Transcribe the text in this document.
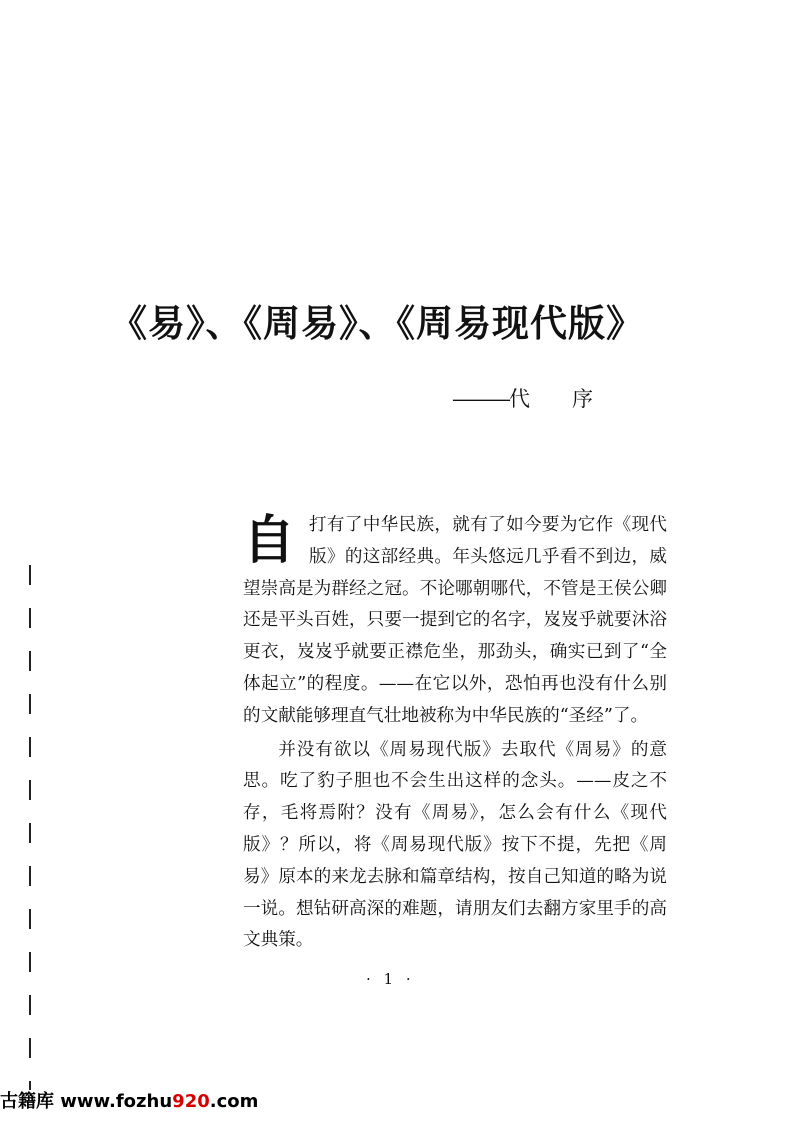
《易》、《周易》、《周易现代版》
———代 序
自 打有了中华民族，就有了如今要为它作《现代版》的这部经典。年头悠远几乎看不到边，威望崇高是为群经之冠。不论哪朝哪代，不管是王侯公卿还是平头百姓，只要一提到它的名字，岌岌乎就要沐浴更衣，岌岌乎就要正襟危坐，那劲头，确实已到了“全体起立”的程度。——在它以外，恐怕再也没有什么别的文献能够理直气壮地被称为中华民族的“圣经”了。

并没有欲以《周易现代版》去取代《周易》的意思。吃了豹子胆也不会生出这样的念头。——皮之不存，毛将焉附？没有《周易》，怎么会有什么《现代版》？所以，将《周易现代版》按下不提，先把《周易》原本的来龙去脉和篇章结构，按自己知道的略为说一说。想钻研高深的难题，请朋友们去翻方家里手的高文典策。

· 1 ·
古籍库 www.fozhu920.com
